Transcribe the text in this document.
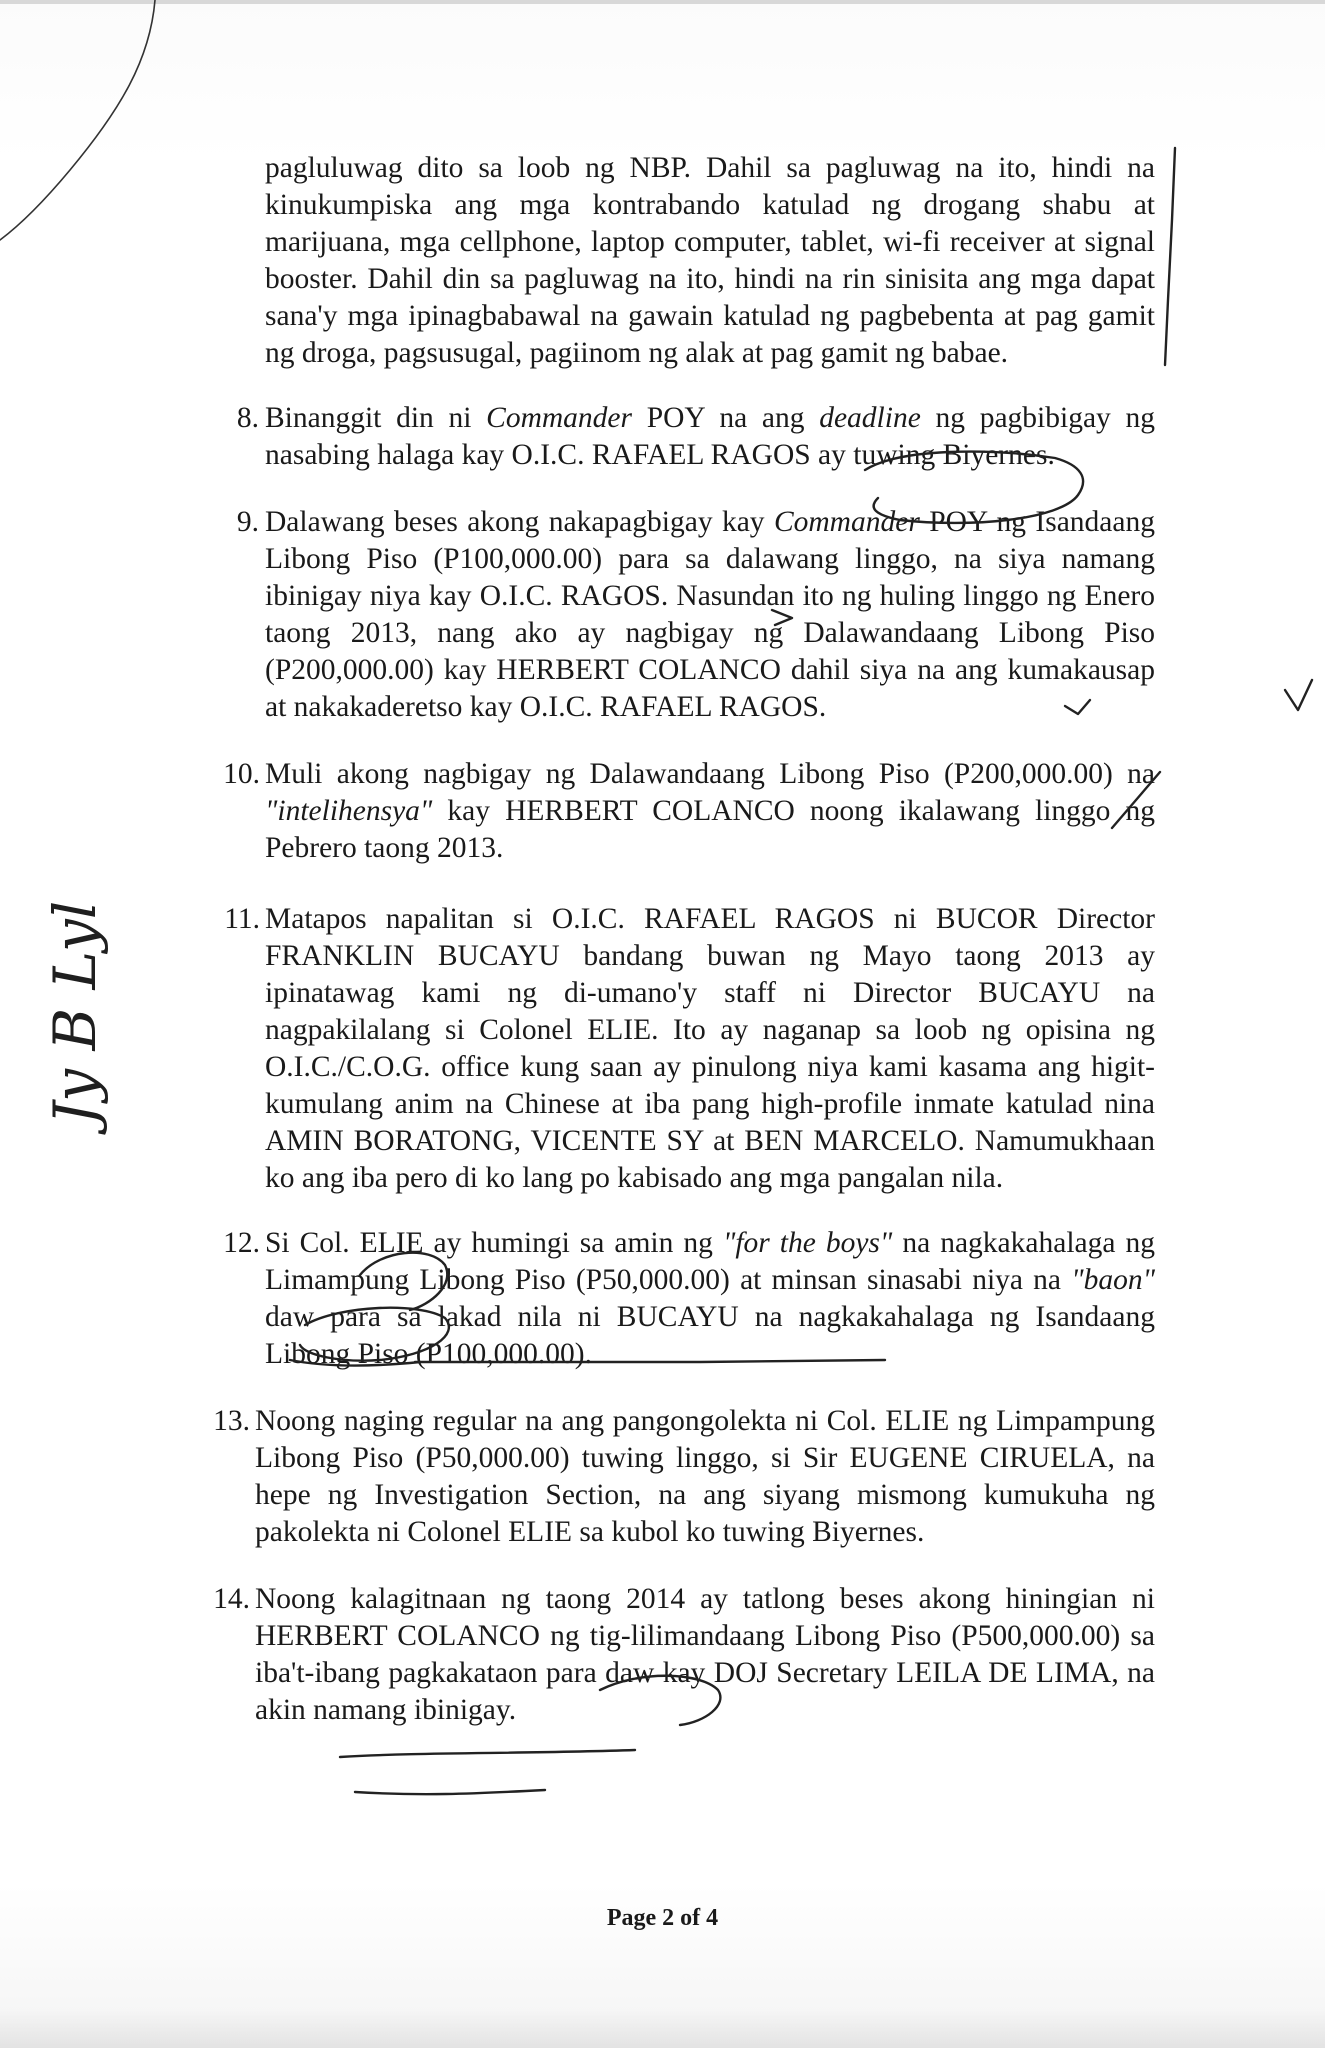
pagluluwag dito sa loob ng NBP. Dahil sa pagluwag na ito, hindi na kinukumpiska ang mga kontrabando katulad ng drogang shabu at marijuana, mga cellphone, laptop computer, tablet, wi-fi receiver at signal booster. Dahil din sa pagluwag na ito, hindi na rin sinisita ang mga dapat sana'y mga ipinagbabawal na gawain katulad ng pagbebenta at pag gamit ng droga, pagsusugal, pagiinom ng alak at pag gamit ng babae.

8. Binanggit din ni Commander POY na ang deadline ng pagbibigay ng nasabing halaga kay O.I.C. RAFAEL RAGOS ay tuwing Biyernes.
9. Dalawang beses akong nakapagbigay kay Commander POY ng Isandaang Libong Piso (P100,000.00) para sa dalawang linggo, na siya namang ibinigay niya kay O.I.C. RAGOS. Nasundan ito ng huling linggo ng Enero taong 2013, nang ako ay nagbigay ng Dalawandaang Libong Piso (P200,000.00) kay HERBERT COLANCO dahil siya na ang kumakausap at nakakaderetso kay O.I.C. RAFAEL RAGOS.
10. Muli akong nagbigay ng Dalawandaang Libong Piso (P200,000.00) na "intelihensya" kay HERBERT COLANCO noong ikalawang linggo ng Pebrero taong 2013.
11. Matapos napalitan si O.I.C. RAFAEL RAGOS ni BUCOR Director FRANKLIN BUCAYU bandang buwan ng Mayo taong 2013 ay ipinatawag kami ng di-umano'y staff ni Director BUCAYU na nagpakilalang si Colonel ELIE. Ito ay naganap sa loob ng opisina ng O.I.C./C.O.G. office kung saan ay pinulong niya kami kasama ang higit-kumulang anim na Chinese at iba pang high-profile inmate katulad nina AMIN BORATONG, VICENTE SY at BEN MARCELO. Namumukhaan ko ang iba pero di ko lang po kabisado ang mga pangalan nila.
12. Si Col. ELIE ay humingi sa amin ng "for the boys" na nagkakahalaga ng Limampung Libong Piso (P50,000.00) at minsan sinasabi niya na "baon" daw para sa lakad nila ni BUCAYU na nagkakahalaga ng Isandaang Libong Piso (P100,000.00).
13. Noong naging regular na ang pangongolekta ni Col. ELIE ng Limpampung Libong Piso (P50,000.00) tuwing linggo, si Sir EUGENE CIRUELA, na hepe ng Investigation Section, na ang siyang mismong kumukuha ng pakolekta ni Colonel ELIE sa kubol ko tuwing Biyernes.
14. Noong kalagitnaan ng taong 2014 ay tatlong beses akong hiningian ni HERBERT COLANCO ng tig-lilimandaang Libong Piso (P500,000.00) sa iba't-ibang pagkakataon para daw kay DOJ Secretary LEILA DE LIMA, na akin namang ibinigay.
Page 2 of 4
Jy B Lyl
